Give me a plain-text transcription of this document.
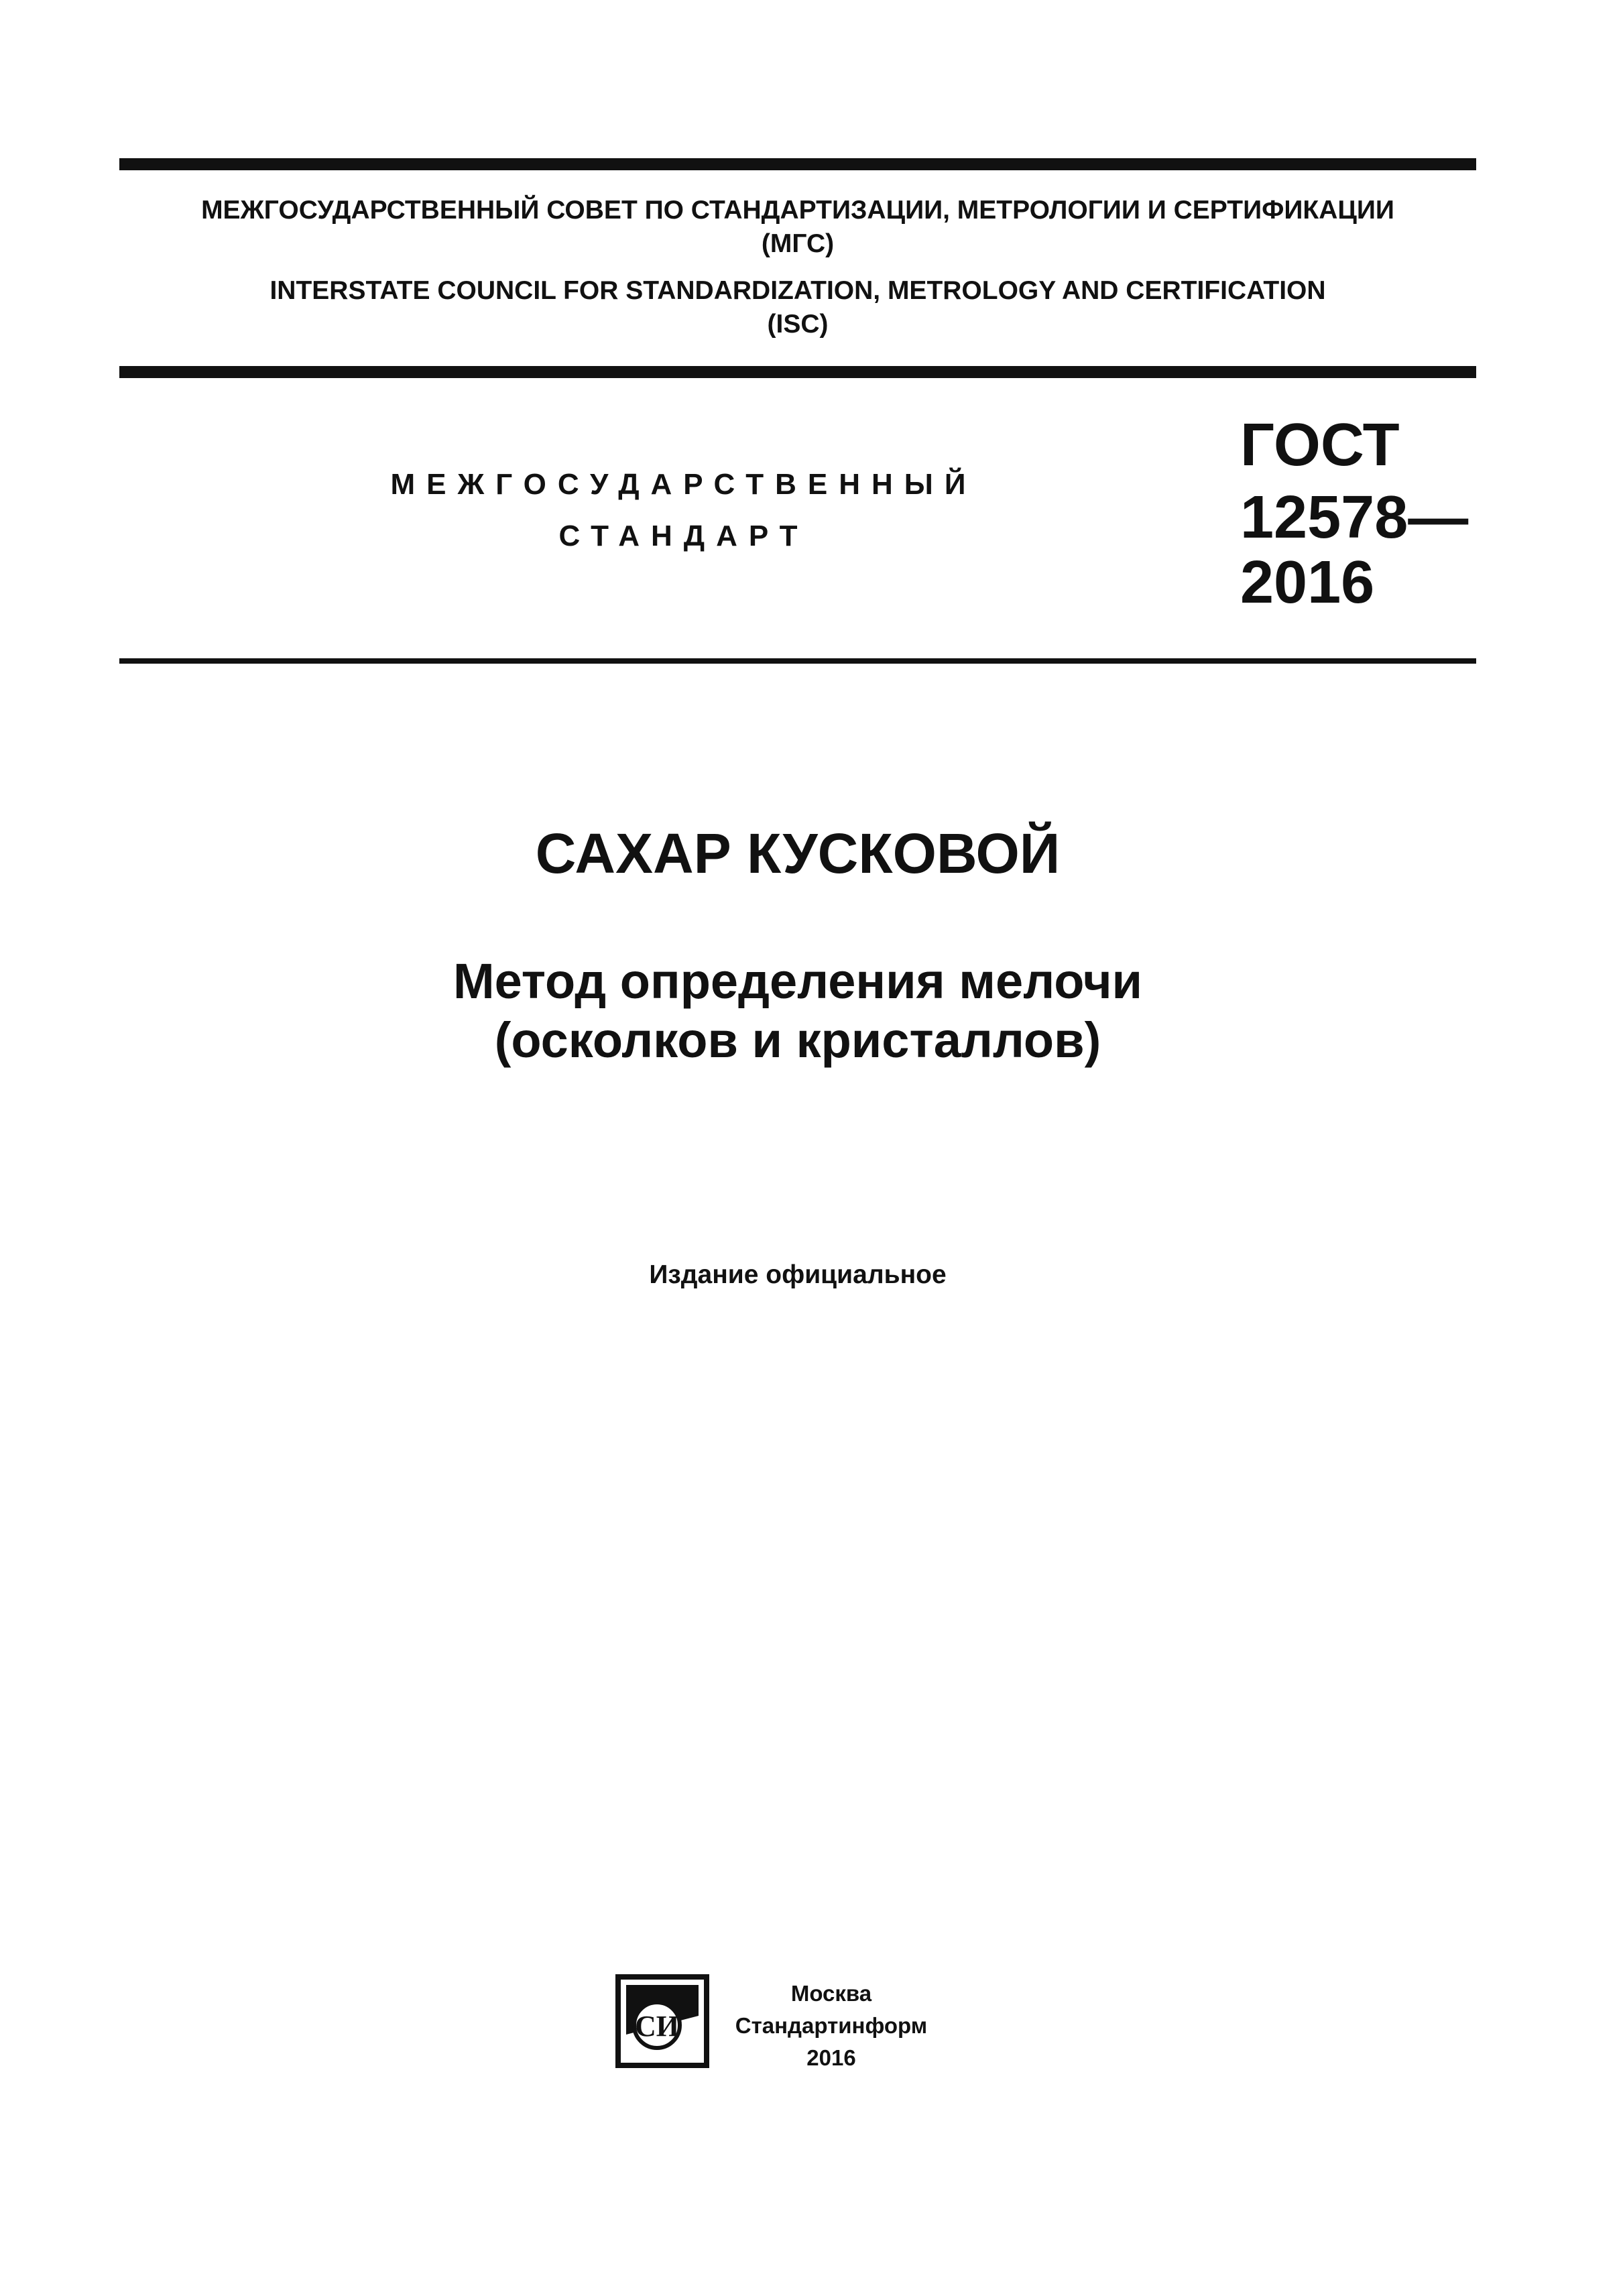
МЕЖГОСУДАРСТВЕННЫЙ СОВЕТ ПО СТАНДАРТИЗАЦИИ, МЕТРОЛОГИИ И СЕРТИФИКАЦИИ
(МГС)
INTERSTATE COUNCIL FOR STANDARDIZATION, METROLOGY AND CERTIFICATION
(ISC)
МЕЖГОСУДАРСТВЕННЫЙ
СТАНДАРТ
ГОСТ
12578—
2016
САХАР КУСКОВОЙ
Метод определения мелочи
(осколков и кристаллов)
Издание официальное
СИ
Москва
Стандартинформ
2016
